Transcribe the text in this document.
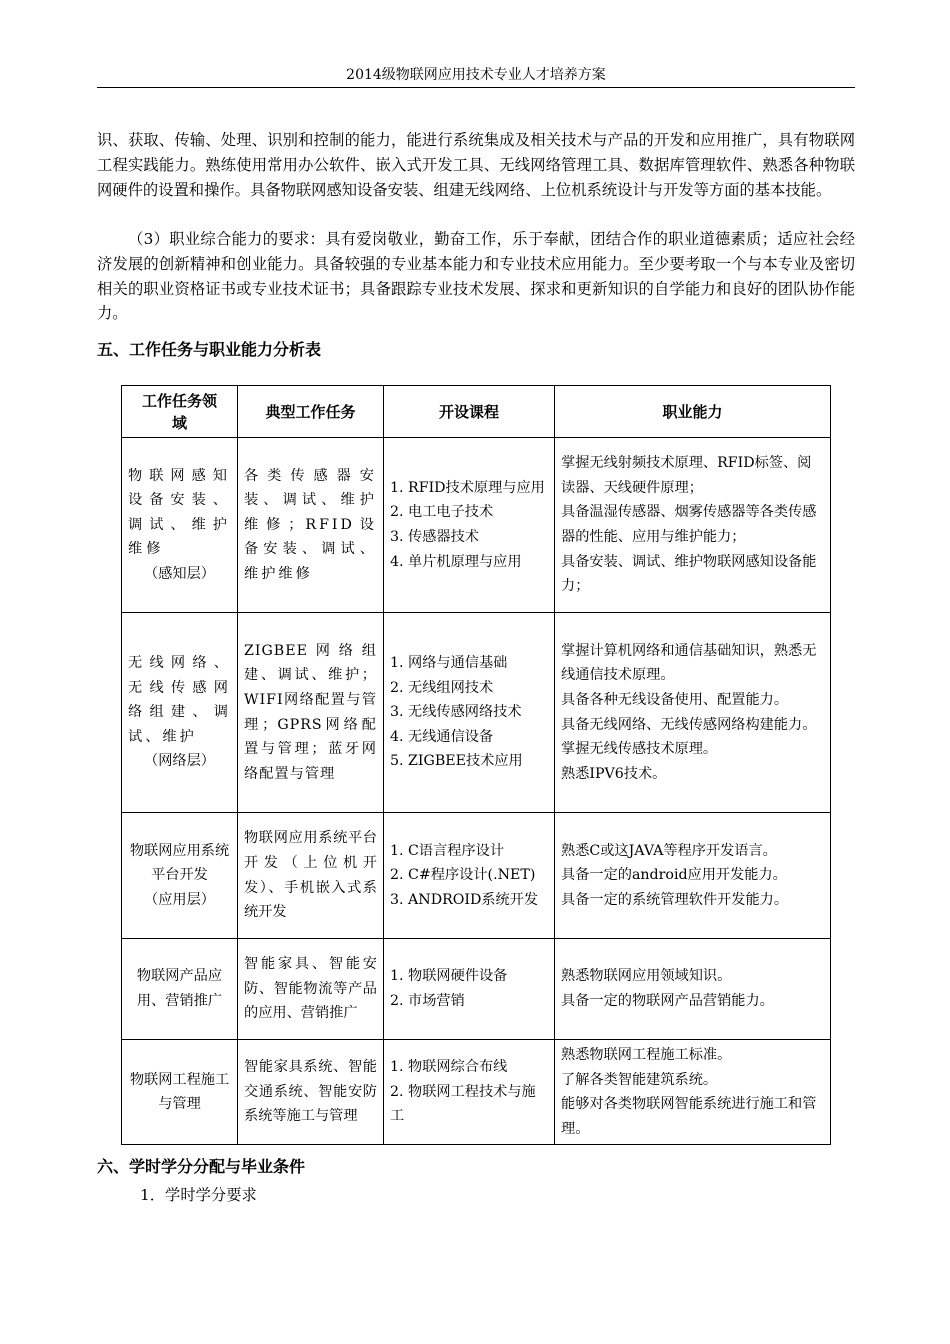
2014级物联网应用技术专业人才培养方案

识、获取、传输、处理、识别和控制的能力，能进行系统集成及相关技术与产品的开发和应用推广，具有物联网工程实践能力。熟练使用常用办公软件、嵌入式开发工具、无线网络管理工具、数据库管理软件、熟悉各种物联网硬件的设置和操作。具备物联网感知设备安装、组建无线网络、上位机系统设计与开发等方面的基本技能。

（3）职业综合能力的要求：具有爱岗敬业，勤奋工作，乐于奉献，团结合作的职业道德素质；适应社会经济发展的创新精神和创业能力。具备较强的专业基本能力和专业技术应用能力。至少要考取一个与本专业及密切相关的职业资格证书或专业技术证书；具备跟踪专业技术发展、探求和更新知识的自学能力和良好的团队协作能力。

五、工作任务与职业能力分析表
工作任务领
域	典型工作任务	开设课程	职业能力

物联网感知设备安装、调试、维护维修
（感知层）	各类传感器安装、调试、维护维修；RFID设备安装、调试、维护维修	1. RFID技术原理与应用
2. 电工电子技术
3. 传感器技术
4. 单片机原理与应用	掌握无线射频技术原理、RFID标签、阅读器、天线硬件原理；
具备温湿传感器、烟雾传感器等各类传感器的性能、应用与维护能力；
具备安装、调试、维护物联网感知设备能力；

无线网络、无线传感网络组建、调试、维护
（网络层）	ZIGBEE网络组建、调试、维护；WIFI网络配置与管理；GPRS网络配置与管理；蓝牙网络配置与管理	1. 网络与通信基础
2. 无线组网技术
3. 无线传感网络技术
4. 无线通信设备
5. ZIGBEE技术应用	掌握计算机网络和通信基础知识，熟悉无线通信技术原理。
具备各种无线设备使用、配置能力。
具备无线网络、无线传感网络构建能力。
掌握无线传感技术原理。
熟悉IPV6技术。

物联网应用系统平台开发
（应用层）	物联网应用系统平台开发（上位机开发）、手机嵌入式系统开发	1. C语言程序设计
2. C#程序设计(.NET)
3. ANDROID系统开发	熟悉C或这JAVA等程序开发语言。
具备一定的android应用开发能力。
具备一定的系统管理软件开发能力。

物联网产品应用、营销推广	智能家具、智能安防、智能物流等产品的应用、营销推广	1. 物联网硬件设备
2. 市场营销	熟悉物联网应用领域知识。
具备一定的物联网产品营销能力。

物联网工程施工与管理	智能家具系统、智能交通系统、智能安防系统等施工与管理	1. 物联网综合布线
2. 物联网工程技术与施工	熟悉物联网工程施工标准。
了解各类智能建筑系统。
能够对各类物联网智能系统进行施工和管理。
六、学时学分分配与毕业条件

1．学时学分要求
